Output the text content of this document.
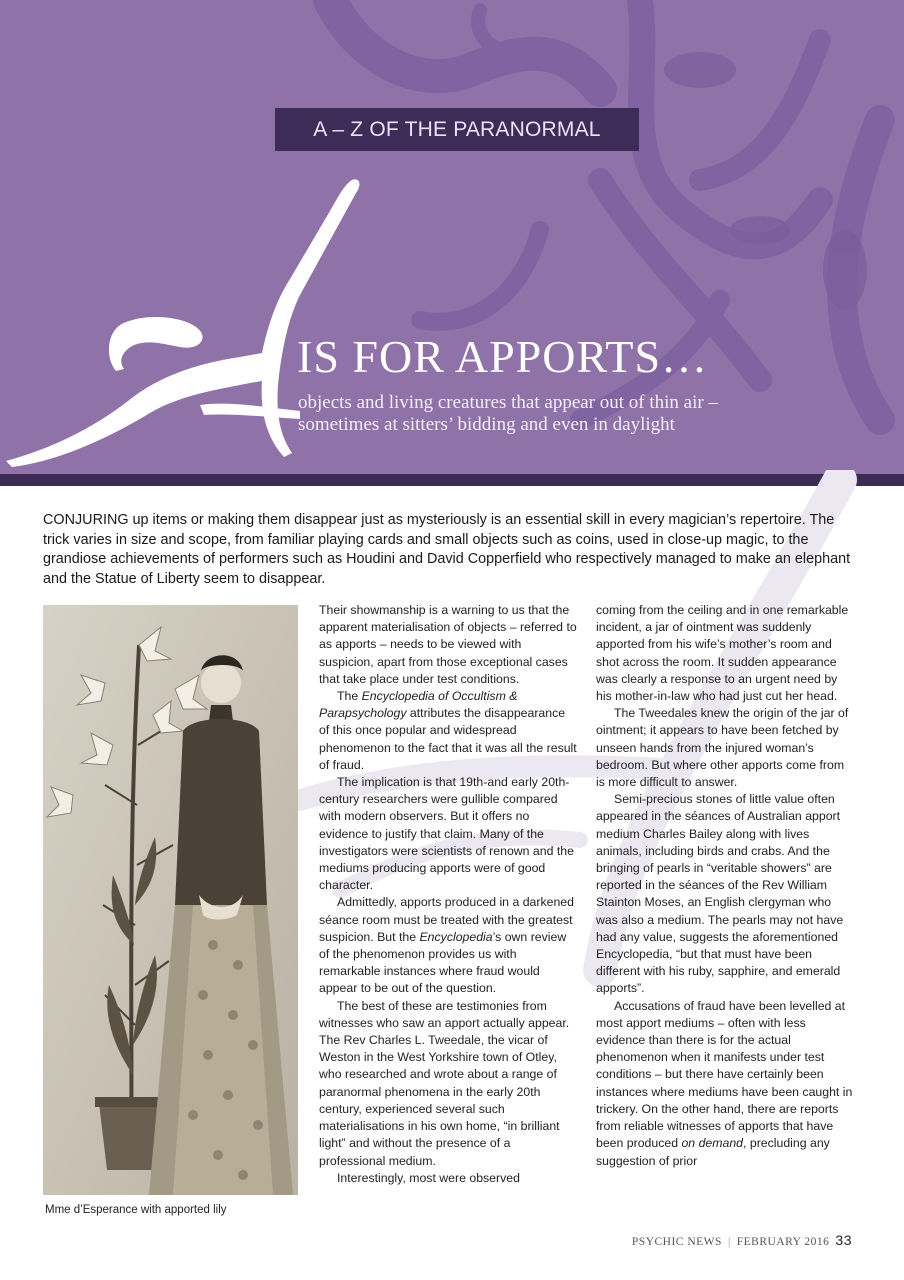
A – Z OF THE PARANORMAL
IS FOR APPORTS…
objects and living creatures that appear out of thin air –
sometimes at sitters’ bidding and even in daylight
CONJURING up items or making them disappear just as mysteriously is an essential skill in every magician’s repertoire. The trick varies in size and scope, from familiar playing cards and small objects such as coins, used in close-up magic, to the grandiose achievements of performers such as Houdini and David Copperfield who respectively managed to make an elephant and the Statue of Liberty seem to disappear.
Mme d’Esperance with apported lily

Their showmanship is a warning to us that the apparent materialisation of objects – referred to as apports – needs to be viewed with suspicion, apart from those exceptional cases that take place under test conditions.

The Encyclopedia of Occultism & Parapsychology attributes the disappearance of this once popular and widespread phenomenon to the fact that it was all the result of fraud.

The implication is that 19th-and early 20th-century researchers were gullible compared with modern observers. But it offers no evidence to justify that claim. Many of the investigators were scientists of renown and the mediums producing apports were of good character.

Admittedly, apports produced in a darkened séance room must be treated with the greatest suspicion. But the Encyclopedia’s own review of the phenomenon provides us with remarkable instances where fraud would appear to be out of the question.

The best of these are testimonies from witnesses who saw an apport actually appear. The Rev Charles L. Tweedale, the vicar of Weston in the West Yorkshire town of Otley, who researched and wrote about a range of paranormal phenomena in the early 20th century, experienced several such materialisations in his own home, “in brilliant light” and without the presence of a professional medium.

Interestingly, most were observed

coming from the ceiling and in one remarkable incident, a jar of ointment was suddenly apported from his wife’s mother’s room and shot across the room. It sudden appearance was clearly a response to an urgent need by his mother-in-law who had just cut her head.

The Tweedales knew the origin of the jar of ointment; it appears to have been fetched by unseen hands from the injured woman’s bedroom. But where other apports come from is more difficult to answer.

Semi-precious stones of little value often appeared in the séances of Australian apport medium Charles Bailey along with lives animals, including birds and crabs. And the bringing of pearls in “veritable showers” are reported in the séances of the Rev William Stainton Moses, an English clergyman who was also a medium. The pearls may not have had any value, suggests the aforementioned Encyclopedia, “but that must have been different with his ruby, sapphire, and emerald apports”.

Accusations of fraud have been levelled at most apport mediums – often with less evidence than there is for the actual phenomenon when it manifests under test conditions – but there have certainly been instances where mediums have been caught in trickery. On the other hand, there are reports from reliable witnesses of apports that have been produced on demand, precluding any suggestion of prior

PSYCHIC NEWS | FEBRUARY 2016 33
